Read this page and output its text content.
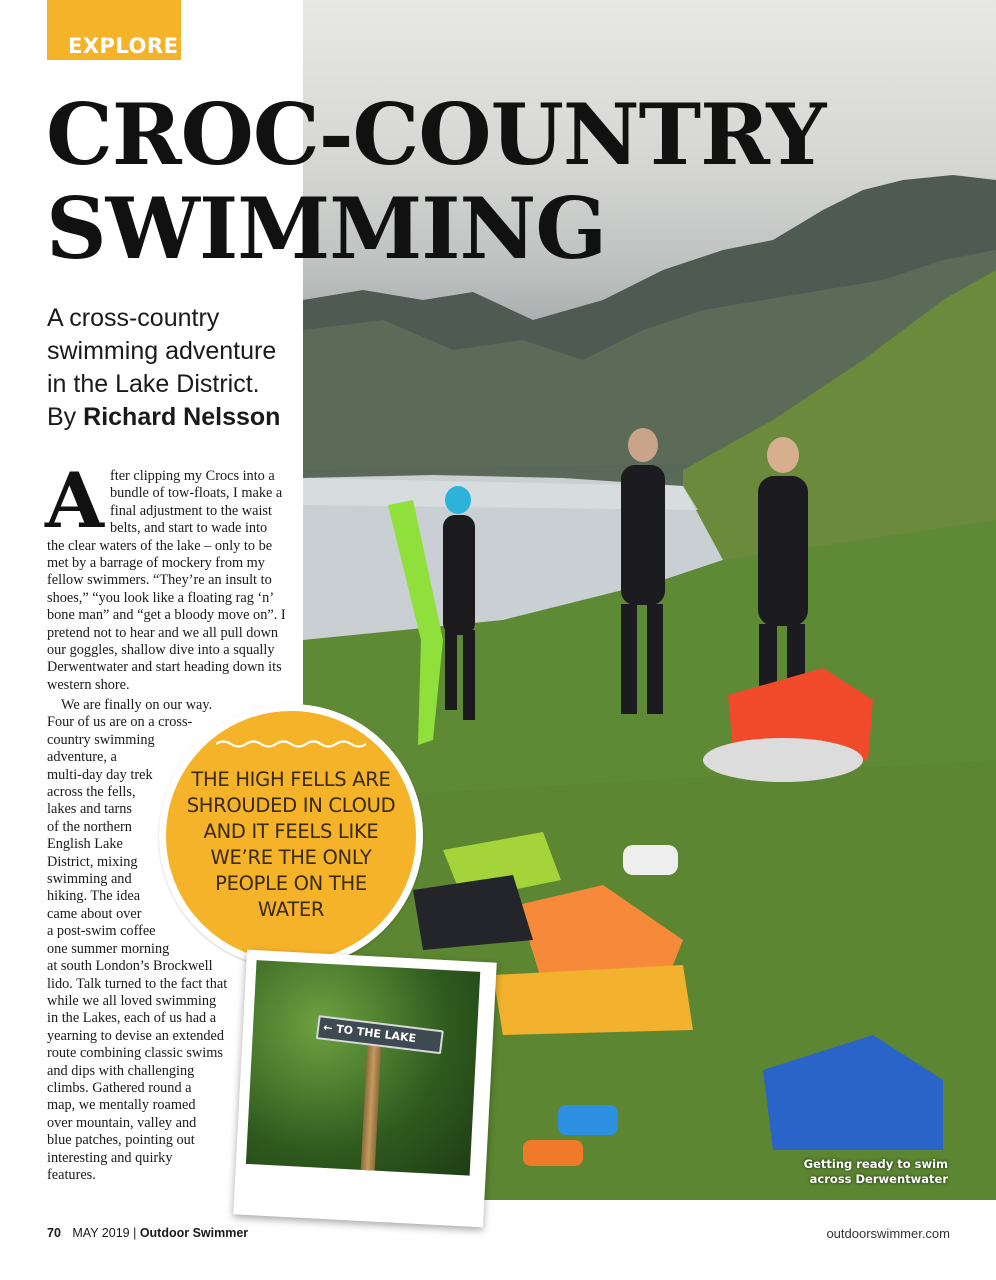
EXPLORE
CROC-COUNTRY
SWIMMING
A cross-country
swimming adventure
in the Lake District.
By Richard Nelsson
A fter clipping my Crocs into a bundle of tow-floats, I make a final adjustment to the waist belts, and start to wade into the clear waters of the lake – only to be met by a barrage of mockery from my fellow swimmers. “They’re an insult to shoes,” “you look like a floating rag ‘n’ bone man” and “get a bloody move on”. I pretend not to hear and we all pull down our goggles, shallow dive into a squally Derwentwater and start heading down its western shore.
We are finally on our way.
Four of us are on a cross-
country swimming
adventure, a
multi-day day trek
across the fells,
lakes and tarns
of the northern
English Lake
District, mixing
swimming and
hiking. The idea
came about over
a post-swim coffee
one summer morning
at south London’s Brockwell
lido. Talk turned to the fact that
while we all loved swimming
in the Lakes, each of us had a
yearning to devise an extended
route combining classic swims
and dips with challenging
climbs. Gathered round a
map, we mentally roamed
over mountain, valley and
blue patches, pointing out
interesting and quirky
features.
THE HIGH FELLS ARE SHROUDED IN CLOUD AND IT FEELS LIKE WE’RE THE ONLY PEOPLE ON THE WATER
← TO THE LAKE
Getting ready to swim
across Derwentwater
70 MAY 2019 | Outdoor Swimmer	outdoorswimmer.com
